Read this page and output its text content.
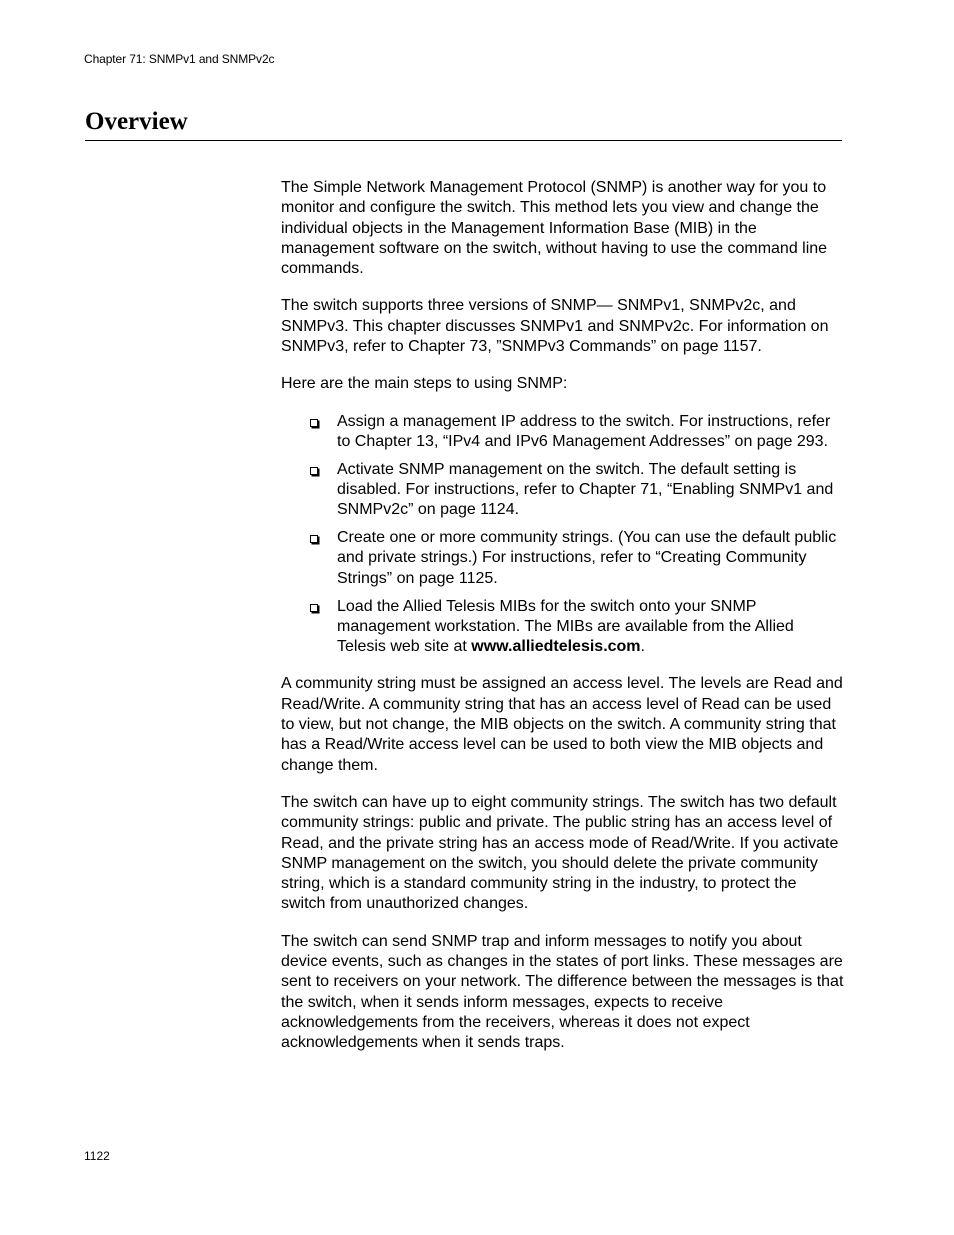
Chapter 71: SNMPv1 and SNMPv2c
Overview

The Simple Network Management Protocol (SNMP) is another way for you to monitor and configure the switch. This method lets you view and change the individual objects in the Management Information Base (MIB) in the management software on the switch, without having to use the command line commands.

The switch supports three versions of SNMP— SNMPv1, SNMPv2c, and SNMPv3. This chapter discusses SNMPv1 and SNMPv2c. For information on SNMPv3, refer to Chapter 73, ”SNMPv3 Commands” on page 1157.

Here are the main steps to using SNMP:

Assign a management IP address to the switch. For instructions, refer to Chapter 13, “IPv4 and IPv6 Management Addresses” on page 293.
Activate SNMP management on the switch. The default setting is disabled. For instructions, refer to Chapter 71, “Enabling SNMPv1 and SNMPv2c” on page 1124.
Create one or more community strings. (You can use the default public and private strings.) For instructions, refer to “Creating Community Strings” on page 1125.
Load the Allied Telesis MIBs for the switch onto your SNMP management workstation. The MIBs are available from the Allied Telesis web site at www.alliedtelesis.com.

A community string must be assigned an access level. The levels are Read and Read/Write. A community string that has an access level of Read can be used to view, but not change, the MIB objects on the switch. A community string that has a Read/Write access level can be used to both view the MIB objects and change them.

The switch can have up to eight community strings. The switch has two default community strings: public and private. The public string has an access level of Read, and the private string has an access mode of Read/​Write. If you activate SNMP management on the switch, you should delete the private community string, which is a standard community string in the industry, to protect the switch from unauthorized changes.

The switch can send SNMP trap and inform messages to notify you about device events, such as changes in the states of port links. These messages are sent to receivers on your network. The difference between the messages is that the switch, when it sends inform messages, expects to receive acknowledgements from the receivers, whereas it does not expect acknowledgements when it sends traps.

1122
